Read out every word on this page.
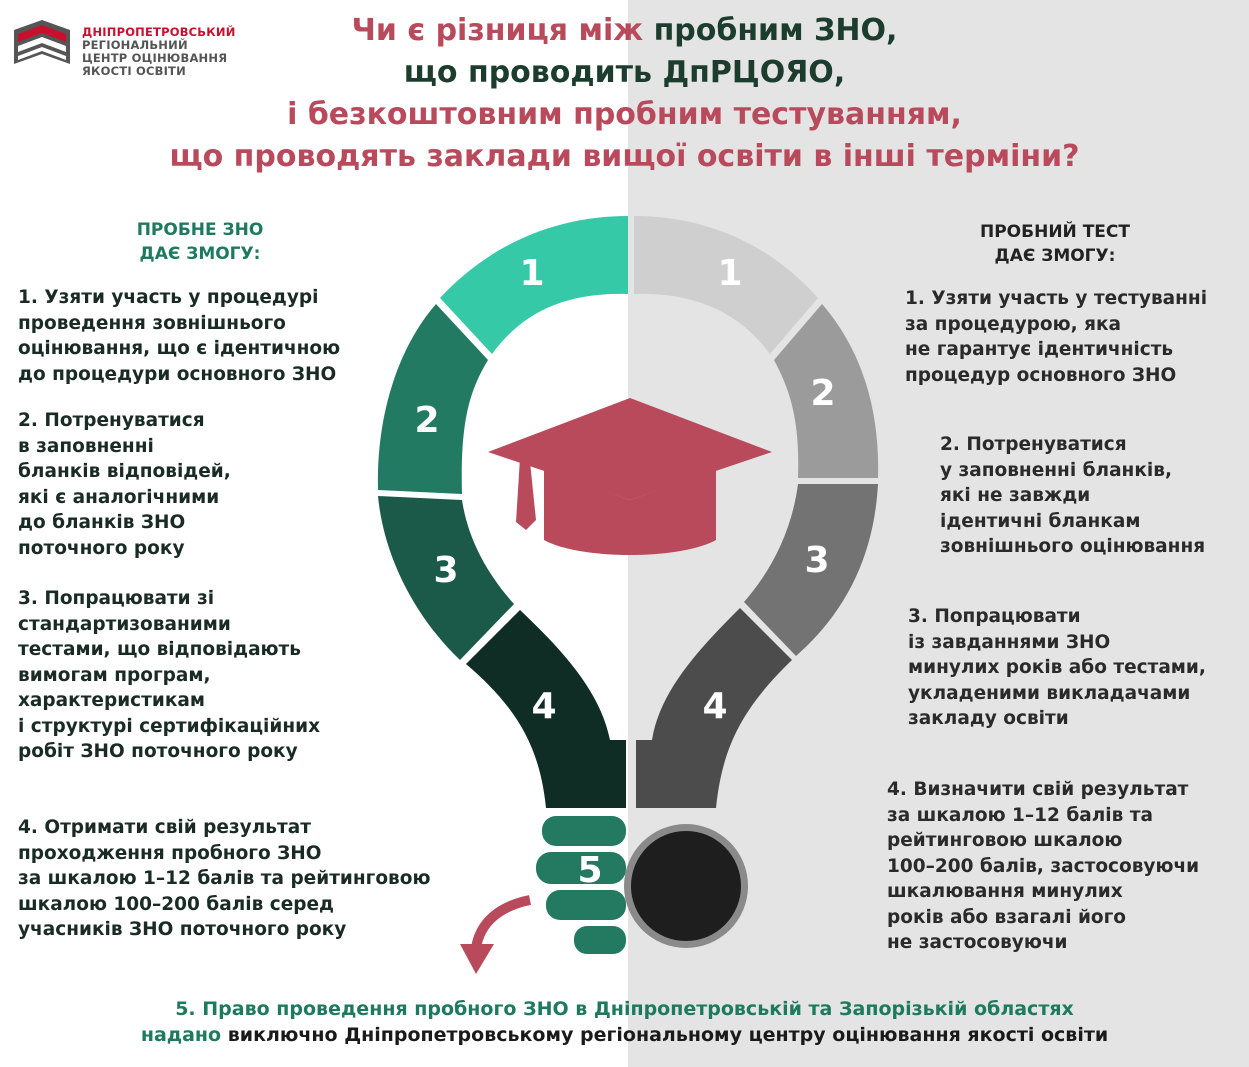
ДНІПРОПЕТРОВСЬКИЙ
РЕГІОНАЛЬНИЙ
ЦЕНТР ОЦІНЮВАННЯ
ЯКОСТІ ОСВІТИ
Чи є різниця між пробним ЗНО,
що проводить ДпРЦОЯО,
і безкоштовним пробним тестуванням,
що проводять заклади вищої освіти в інші терміни?
ПРОБНЕ ЗНО
ДАЄ ЗМОГУ:
ПРОБНИЙ ТЕСТ
ДАЄ ЗМОГУ:
1. Узяти участь у процедурі
проведення зовнішнього
оцінювання, що є ідентичною
до процедури основного ЗНО
2. Потренуватися
в заповненні
бланків відповідей,
які є аналогічними
до бланків ЗНО
поточного року
3. Попрацювати зі
стандартизованими
тестами, що відповідають
вимогам програм,
характеристикам
і структурі сертифікаційних
робіт ЗНО поточного року
4. Отримати свій результат
проходження пробного ЗНО
за шкалою 1–12 балів та рейтинговою
шкалою 100–200 балів серед
учасників ЗНО поточного року
1. Узяти участь у тестуванні
за процедурою, яка
не гарантує ідентичність
процедур основного ЗНО
2. Потренуватися
у заповненні бланків,
які не завжди
ідентичні бланкам
зовнішнього оцінювання
3. Попрацювати
із завданнями ЗНО
минулих років або тестами,
укладеними викладачами
закладу освіти
4. Визначити свій результат
за шкалою 1–12 балів та
рейтинговою шкалою
100–200 балів, застосовуючи
шкалювання минулих
років або взагалі його
не застосовуючи
1
2
3
4
1
2
3
4
5
5. Право проведення пробного ЗНО в Дніпропетровській та Запорізькій областях
надано виключно Дніпропетровському регіональному центру оцінювання якості освіти
